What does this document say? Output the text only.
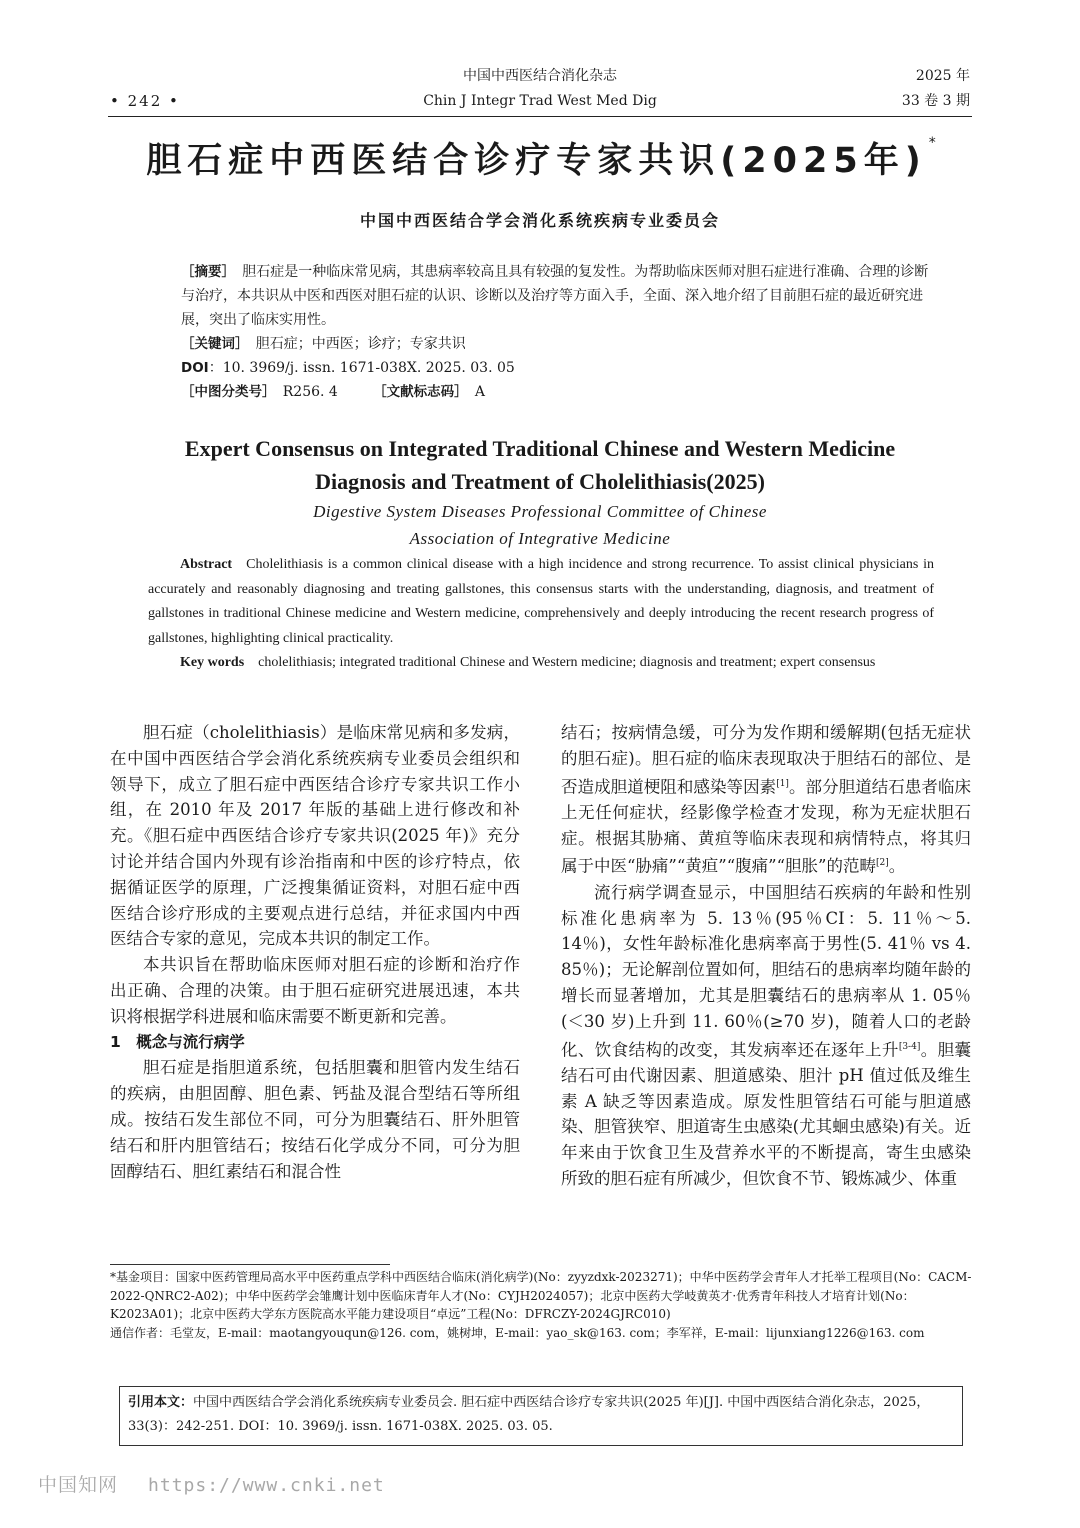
• 242 •
中国中西医结合消化杂志
Chin J Integr Trad West Med Dig
2025 年
33 卷 3 期
胆石症中西医结合诊疗专家共识(2025年) *
中国中西医结合学会消化系统疾病专业委员会

［摘要］　 胆石症是一种临床常见病，其患病率较高且具有较强的复发性。为帮助临床医师对胆石症进行准确、合理的诊断与治疗，本共识从中医和西医对胆石症的认识、诊断以及治疗等方面入手，全面、深入地介绍了目前胆石症的最近研究进展，突出了临床实用性。

［关键词］　 胆石症；中西医；诊疗；专家共识

DOI：10. 3969/j. issn. 1671-038X. 2025. 03. 05

［中图分类号］　 R256. 4　　　	［文献标志码］　 A

Expert Consensus on Integrated Traditional Chinese and Western Medicine
Diagnosis and Treatment of Cholelithiasis(2025)
Digestive System Diseases Professional Committee of Chinese
Association of Integrative Medicine

Abstract Cholelithiasis is a common clinical disease with a high incidence and strong recurrence. To assist clinical physicians in accurately and reasonably diagnosing and treating gallstones, this consensus starts with the understanding, diagnosis, and treatment of gallstones in traditional Chinese medicine and Western medicine, comprehensively and deeply introducing the recent research progress of gallstones, highlighting clinical practicality.

Key words cholelithiasis; integrated traditional Chinese and Western medicine; diagnosis and treatment; expert consensus

胆石症（cholelithiasis）是临床常见病和多发病，在中国中西医结合学会消化系统疾病专业委员会组织和领导下，成立了胆石症中西医结合诊疗专家共识工作小组，在 2010 年及 2017 年版的基础上进行修改和补充。《胆石症中西医结合诊疗专家共识(2025 年)》充分讨论并结合国内外现有诊治指南和中医的诊疗特点，依据循证医学的原理，广泛搜集循证资料，对胆石症中西医结合诊疗形成的主要观点进行总结，并征求国内中西医结合专家的意见，完成本共识的制定工作。

本共识旨在帮助临床医师对胆石症的诊断和治疗作出正确、合理的决策。由于胆石症研究进展迅速，本共识将根据学科进展和临床需要不断更新和完善。

1　概念与流行病学

胆石症是指胆道系统，包括胆囊和胆管内发生结石的疾病，由胆固醇、胆色素、钙盐及混合型结石等所组成。按结石发生部位不同，可分为胆囊结石、肝外胆管结石和肝内胆管结石；按结石化学成分不同，可分为胆固醇结石、胆红素结石和混合性

结石；按病情急缓，可分为发作期和缓解期(包括无症状的胆石症)。胆石症的临床表现取决于胆结石的部位、是否造成胆道梗阻和感染等因素[1]。部分胆道结石患者临床上无任何症状，经影像学检查才发现，称为无症状胆石症。根据其胁痛、黄疸等临床表现和病情特点，将其归属于中医“胁痛”“黄疸”“腹痛”“胆胀”的范畴[2]。

流行病学调查显示，中国胆结石疾病的年龄和性别标准化患病率为 5. 13％(95％CI：5. 11％～5. 14％)，女性年龄标准化患病率高于男性(5. 41％ vs 4. 85％)；无论解剖位置如何，胆结石的患病率均随年龄的增长而显著增加，尤其是胆囊结石的患病率从 1. 05％(＜30 岁)上升到 11. 60％(≥70 岁)，随着人口的老龄化、饮食结构的改变，其发病率还在逐年上升[3-4]。胆囊结石可由代谢因素、胆道感染、胆汁 pH 值过低及维生素 A 缺乏等因素造成。原发性胆管结石可能与胆道感染、胆管狭窄、胆道寄生虫感染(尤其蛔虫感染)有关。近年来由于饮食卫生及营养水平的不断提高，寄生虫感染所致的胆石症有所减少，但饮食不节、锻炼减少、体重

*基金项目：国家中医药管理局高水平中医药重点学科中西医结合临床(消化病学)(No：zyyzdxk-2023271)；中华中医药学会青年人才托举工程项目(No：CACM-2022-QNRC2-A02)；中华中医药学会雏鹰计划中医临床青年人才(No：CYJH2024057)；北京中医药大学岐黄英才·优秀青年科技人才培育计划(No：K2023A01)；北京中医药大学东方医院高水平能力建设项目“卓远”工程(No：DFRCZY-2024GJRC010)

通信作者：毛堂友，E-mail：maotangyouqun@126. com，姚树坤，E-mail：yao_sk@163. com；李军祥，E-mail：lijunxiang1226@163. com

引用本文：中国中西医结合学会消化系统疾病专业委员会. 胆石症中西医结合诊疗专家共识(2025 年)[J]. 中国中西医结合消化杂志，2025，33(3)：242-251. DOI：10. 3969/j. issn. 1671-038X. 2025. 03. 05.
中国知网 https://www.cnki.net
